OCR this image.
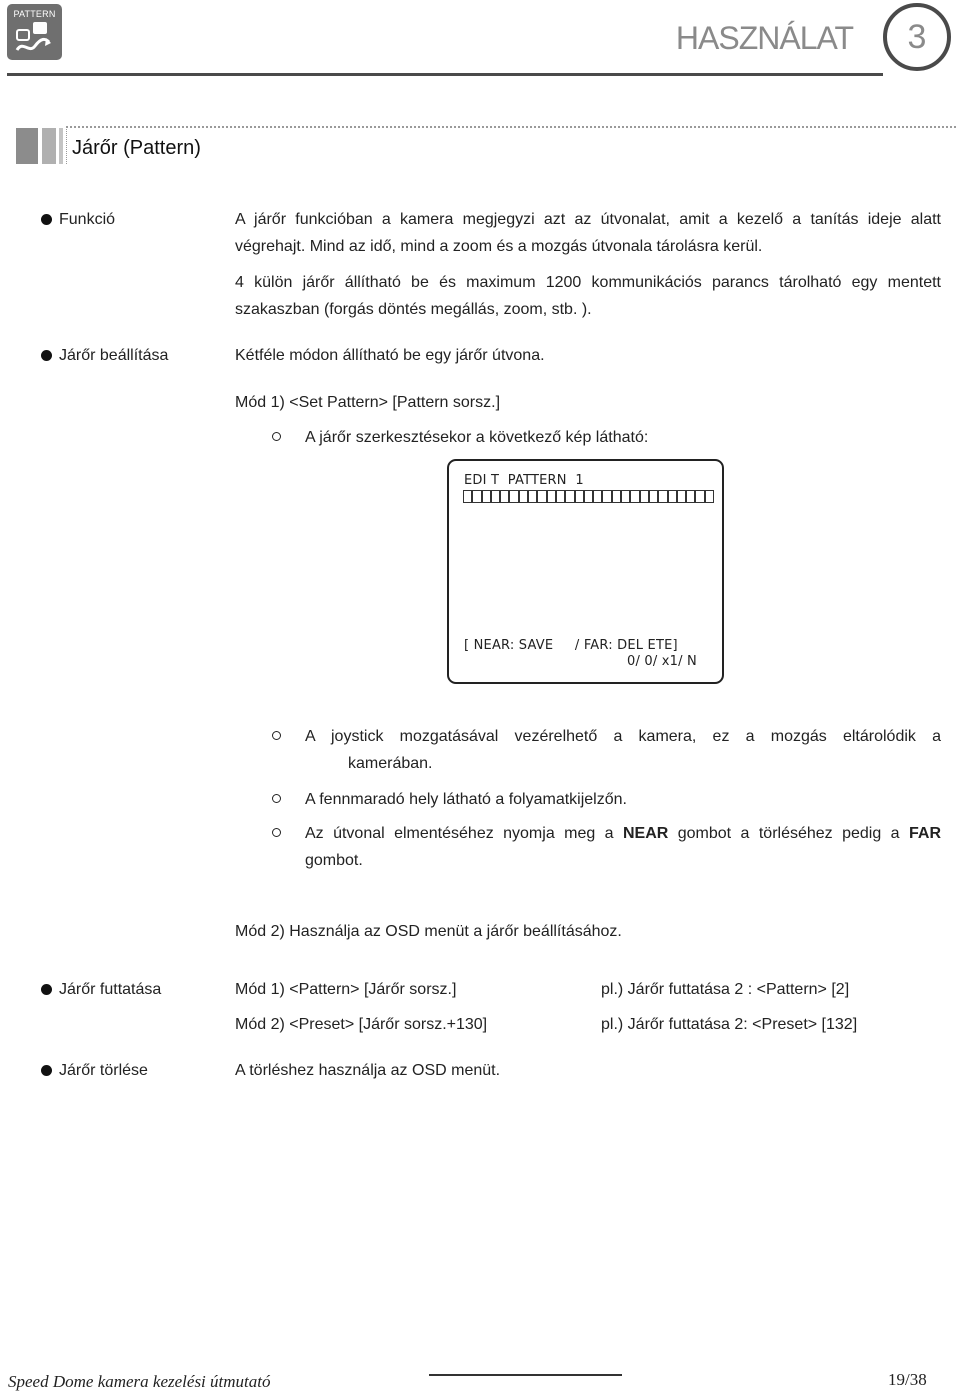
PATTERN
HASZNÁLAT	3
Járőr (Pattern)
Funkció	A járőr funkcióban a kamera megjegyzi azt az útvonalat, amit a kezelő a tanítás ideje alatt
végrehajt. Mind az idő, mind a zoom és a mozgás útvonala tárolásra kerül.
4 külön járőr állítható be és maximum 1200 kommunikációs parancs tárolható egy mentett
szakaszban (forgás döntés megállás, zoom, stb. ).
Járőr beállítása	Kétféle módon állítható be egy járőr útvona.
Mód 1) <Set Pattern> [Pattern sorsz.]
A járőr szerkesztésekor a következő kép látható:
EDI T  PATTERN  1
[ NEAR: SAVE     / FAR: DEL ETE]
0/ 0/ x1/ N
A joystick mozgatásával vezérelhető a kamera, ez a mozgás eltárolódik a
kamerában.
A fennmaradó hely látható a folyamatkijelzőn.
Az útvonal elmentéséhez nyomja meg a NEAR gombot a törléséhez pedig a FAR
gombot.
Mód 2) Használja az OSD menüt a járőr beállításához.
Járőr futtatása	Mód 1) <Pattern> [Járőr sorsz.]	pl.) Járőr futtatása 2 : <Pattern> [2]
Mód 2) <Preset> [Járőr sorsz.+130]	pl.) Járőr futtatása 2: <Preset> [132]
Járőr törlése	A törléshez használja az OSD menüt.
Speed Dome kamera kezelési útmutató	19/38
